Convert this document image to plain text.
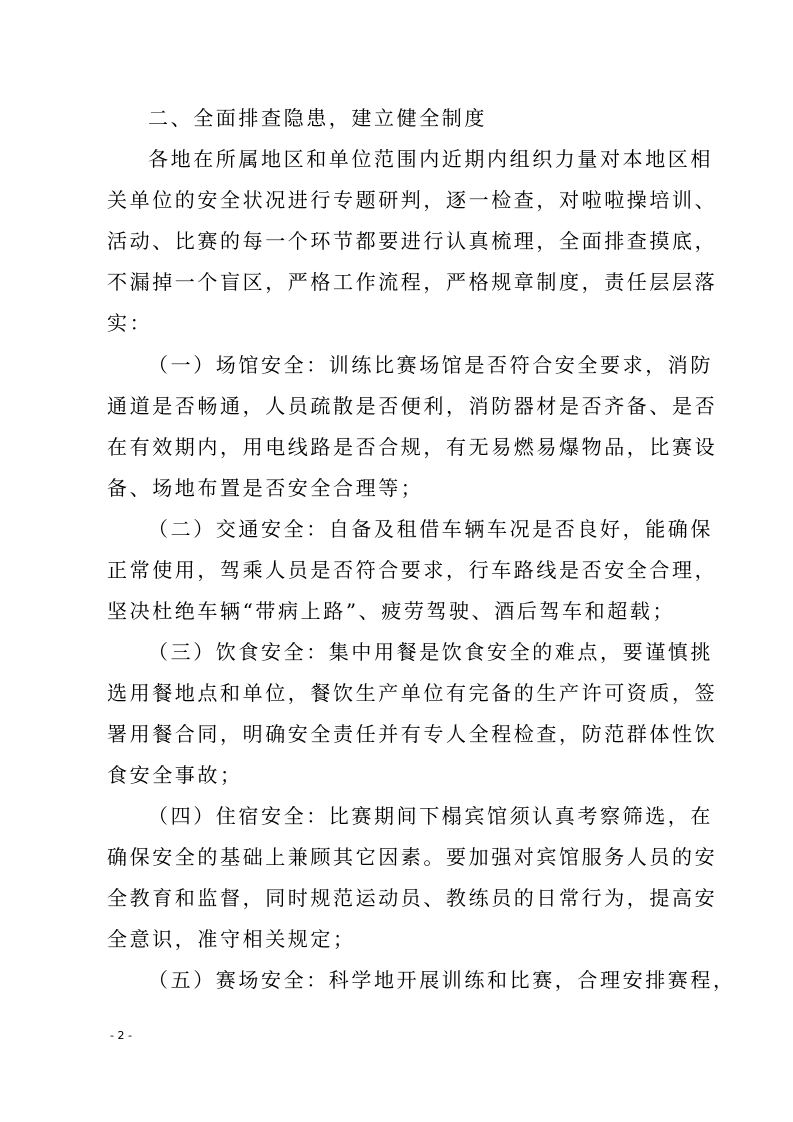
二、全面排查隐患，建立健全制度
各地在所属地区和单位范围内近期内组织力量对本地区相
关单位的安全状况进行专题研判，逐一检查，对啦啦操培训、
活动、比赛的每一个环节都要进行认真梳理，全面排查摸底，
不漏掉一个盲区，严格工作流程，严格规章制度，责任层层落
实：
（一）场馆安全：训练比赛场馆是否符合安全要求，消防
通道是否畅通，人员疏散是否便利，消防器材是否齐备、是否
在有效期内，用电线路是否合规，有无易燃易爆物品，比赛设
备、场地布置是否安全合理等；
（二）交通安全：自备及租借车辆车况是否良好，能确保
正常使用，驾乘人员是否符合要求，行车路线是否安全合理，
坚决杜绝车辆“带病上路”、疲劳驾驶、酒后驾车和超载；
（三）饮食安全：集中用餐是饮食安全的难点，要谨慎挑
选用餐地点和单位，餐饮生产单位有完备的生产许可资质，签
署用餐合同，明确安全责任并有专人全程检查，防范群体性饮
食安全事故；
（四）住宿安全：比赛期间下榻宾馆须认真考察筛选，在
确保安全的基础上兼顾其它因素。要加强对宾馆服务人员的安
全教育和监督，同时规范运动员、教练员的日常行为，提高安
全意识，准守相关规定；
（五）赛场安全：科学地开展训练和比赛，合理安排赛程，
- 2 -
